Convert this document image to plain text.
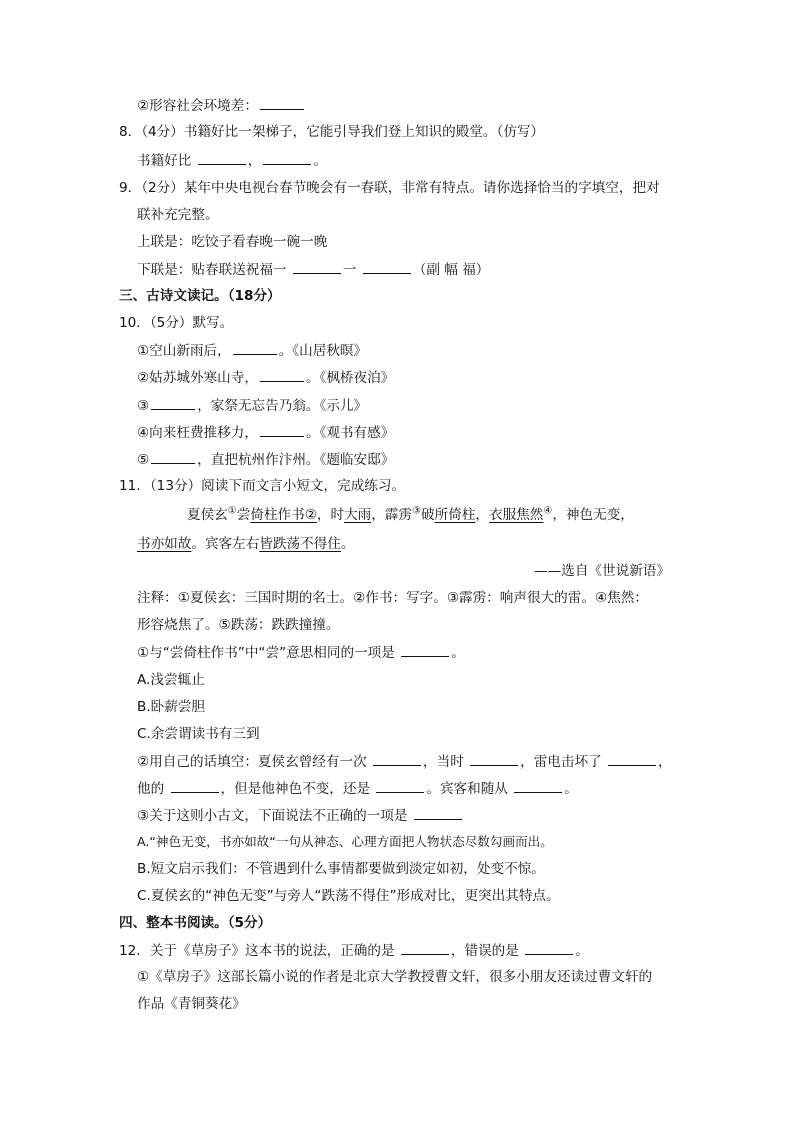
②形容社会环境差：
8．（4分）书籍好比一架梯子，它能引导我们登上知识的殿堂。（仿写）
书籍好比	，	。
9．（2分）某年中央电视台春节晚会有一春联，非常有特点。请你选择恰当的字填空，把对
联补充完整。
上联是：吃饺子看春晚一碗一晚
下联是：贴春联送祝福一	一	（副 幅 福）
三、古诗文读记。（18分）
10．（5分）默写。
①空山新雨后，	。《山居秋暝》
②姑苏城外寒山寺，	。《枫桥夜泊》
③	，家祭无忘告乃翁。《示儿》
④向来枉费推移力，	。《观书有感》
⑤	，直把杭州作汴州。《题临安邸》
11．（13分）阅读下而文言小短文，完成练习。
夏侯玄①尝倚柱作书②，时大雨，霹雳③破所倚柱，衣服焦然④，神色无变，
书亦如故。宾客左右皆跌荡不得住。
——选自《世说新语》
注释：①夏侯玄：三国时期的名士。②作书：写字。③霹雳：响声很大的雷。④焦然：
形容烧焦了。⑤跌荡：跌跌撞撞。
①与“尝倚柱作书”中“尝”意思相同的一项是	。
A.浅尝辄止
B.卧薪尝胆
C.余尝谓读书有三到
②用自己的话填空：夏侯玄曾经有一次	，当时	，雷电击坏了	，
他的	，但是他神色不变，还是	。宾客和随从	。
③关于这则小古文，下面说法不正确的一项是
A.“神色无变，书亦如故“一句从神态、心理方面把人物状态尽数勾画而出。
B.短文启示我们：不管遇到什么事情都要做到淡定如初，处变不惊。
C.夏侯玄的“神色无变”与旁人“跌荡不得住”形成对比，更突出其特点。
四、整本书阅读。（5分）
12．关于《草房子》这本书的说法，正确的是	，错误的是	。
①《草房子》这部长篇小说的作者是北京大学教授曹文轩，很多小朋友还读过曹文轩的
作品《青铜葵花》
